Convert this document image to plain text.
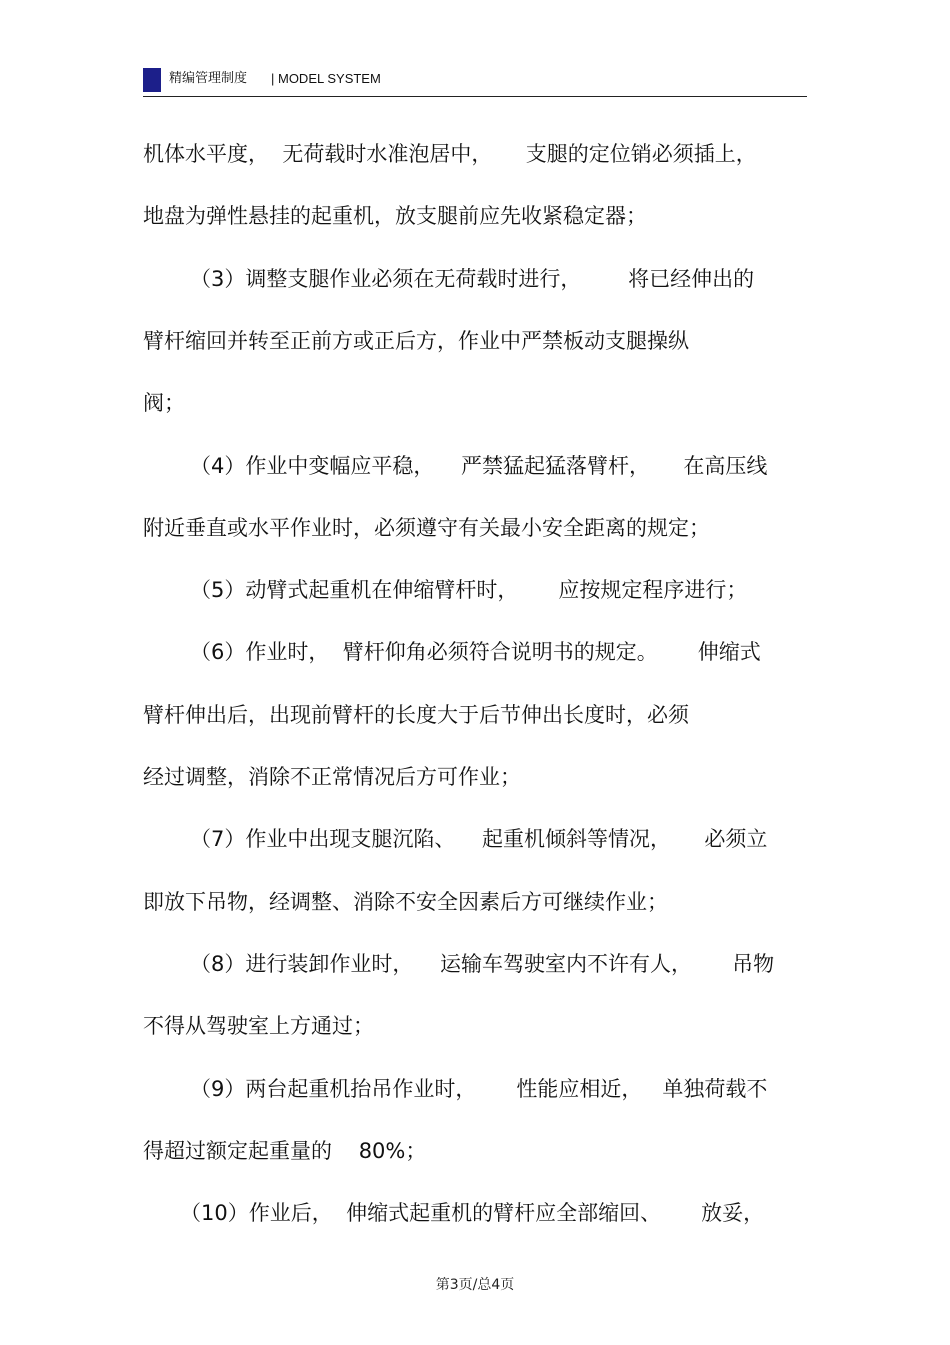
精编管理制度 | MODEL SYSTEM
机体水平度，  无荷载时水准泡居中，     支腿的定位销必须插上，
地盘为弹性悬挂的起重机，放支腿前应先收紧稳定器；
（3）调整支腿作业必须在无荷载时进行，       将已经伸出的
臂杆缩回并转至正前方或正后方，作业中严禁板动支腿操纵
阀；
（4）作业中变幅应平稳，    严禁猛起猛落臂杆，     在高压线
附近垂直或水平作业时，必须遵守有关最小安全距离的规定；
（5）动臂式起重机在伸缩臂杆时，      应按规定程序进行；
（6）作业时，  臂杆仰角必须符合说明书的规定。      伸缩式
臂杆伸出后，出现前臂杆的长度大于后节伸出长度时，必须
经过调整，消除不正常情况后方可作业；
（7）作业中出现支腿沉陷、    起重机倾斜等情况，     必须立
即放下吊物，经调整、消除不安全因素后方可继续作业；
（8）进行装卸作业时，    运输车驾驶室内不许有人，      吊物
不得从驾驶室上方通过；
（9）两台起重机抬吊作业时，      性能应相近，   单独荷载不
得超过额定起重量的    80%；
（10）作业后，  伸缩式起重机的臂杆应全部缩回、      放妥，
第3页/总4页
